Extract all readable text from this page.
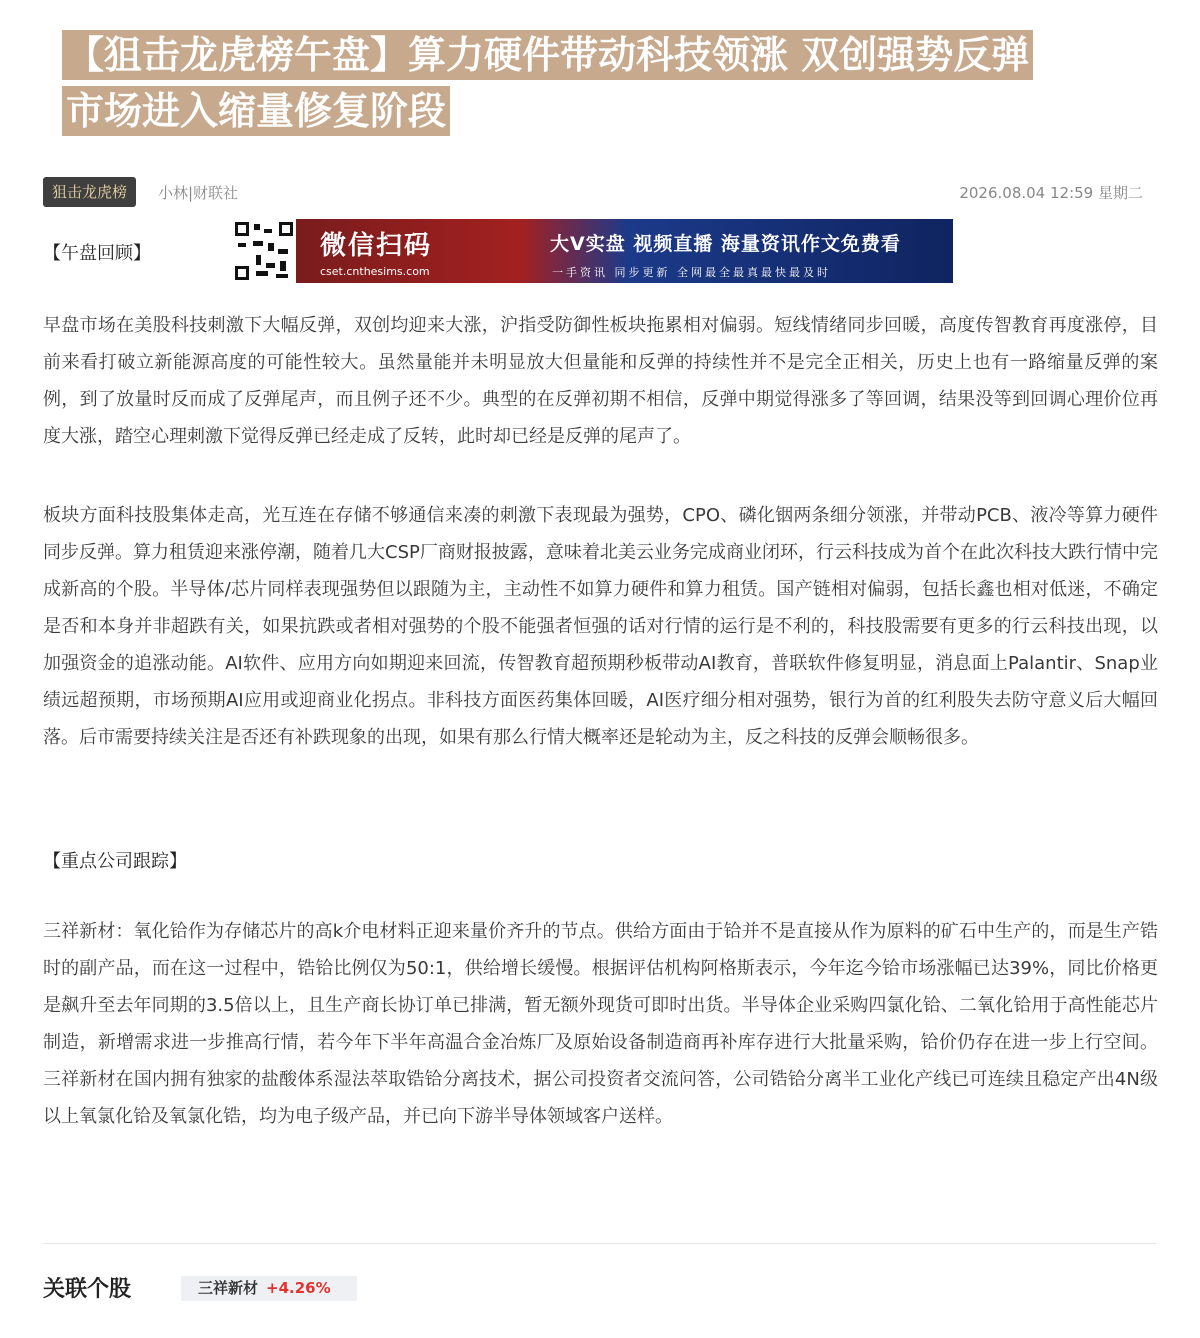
【狙击龙虎榜午盘】算力硬件带动科技领涨 双创强势反弹
市场进入缩量修复阶段
狙击龙虎榜	小林|财联社	2026.08.04 12:59 星期二
【午盘回顾】	微信扫码
cset.cnthesims.com
大V实盘 视频直播 海量资讯作文免费看
一手资讯 同步更新 全网最全最真最快最及时

早盘市场在美股科技刺激下大幅反弹，双创均迎来大涨，沪指受防御性板块拖累相对偏弱。短线情绪同步回暖，高度传智教育再度涨停，目前来看打破立新能源高度的可能性较大。虽然量能并未明显放大但量能和反弹的持续性并不是完全正相关，历史上也有一路缩量反弹的案例，到了放量时反而成了反弹尾声，而且例子还不少。典型的在反弹初期不相信，反弹中期觉得涨多了等回调，结果没等到回调心理价位再度大涨，踏空心理刺激下觉得反弹已经走成了反转，此时却已经是反弹的尾声了。

板块方面科技股集体走高，光互连在存储不够通信来凑的刺激下表现最为强势，CPO、磷化铟两条细分领涨，并带动PCB、液冷等算力硬件同步反弹。算力租赁迎来涨停潮，随着几大CSP厂商财报披露，意味着北美云业务完成商业闭环，行云科技成为首个在此次科技大跌行情中完成新高的个股。半导体/芯片同样表现强势但以跟随为主，主动性不如算力硬件和算力租赁。国产链相对偏弱，包括长鑫也相对低迷，不确定是否和本身并非超跌有关，如果抗跌或者相对强势的个股不能强者恒强的话对行情的运行是不利的，科技股需要有更多的行云科技出现，以加强资金的追涨动能。AI软件、应用方向如期迎来回流，传智教育超预期秒板带动AI教育，普联软件修复明显，消息面上Palantir、Snap业绩远超预期，市场预期AI应用或迎商业化拐点。非科技方面医药集体回暖，AI医疗细分相对强势，银行为首的红利股失去防守意义后大幅回落。后市需要持续关注是否还有补跌现象的出现，如果有那么行情大概率还是轮动为主，反之科技的反弹会顺畅很多。

【重点公司跟踪】

三祥新材：氧化铪作为存储芯片的高k介电材料正迎来量价齐升的节点。供给方面由于铪并不是直接从作为原料的矿石中生产的，而是生产锆时的副产品，而在这一过程中，锆铪比例仅为50:1，供给增长缓慢。根据评估机构阿格斯表示，今年迄今铪市场涨幅已达39%，同比价格更是飙升至去年同期的3.5倍以上，且生产商长协订单已排满，暂无额外现货可即时出货。半导体企业采购四氯化铪、二氧化铪用于高性能芯片制造，新增需求进一步推高行情，若今年下半年高温合金冶炼厂及原始设备制造商再补库存进行大批量采购，铪价仍存在进一步上行空间。三祥新材在国内拥有独家的盐酸体系湿法萃取锆铪分离技术，据公司投资者交流问答，公司锆铪分离半工业化产线已可连续且稳定产出4N级以上氧氯化铪及氧氯化锆，均为电子级产品，并已向下游半导体领域客户送样。

关联个股	三祥新材 +4.26%
